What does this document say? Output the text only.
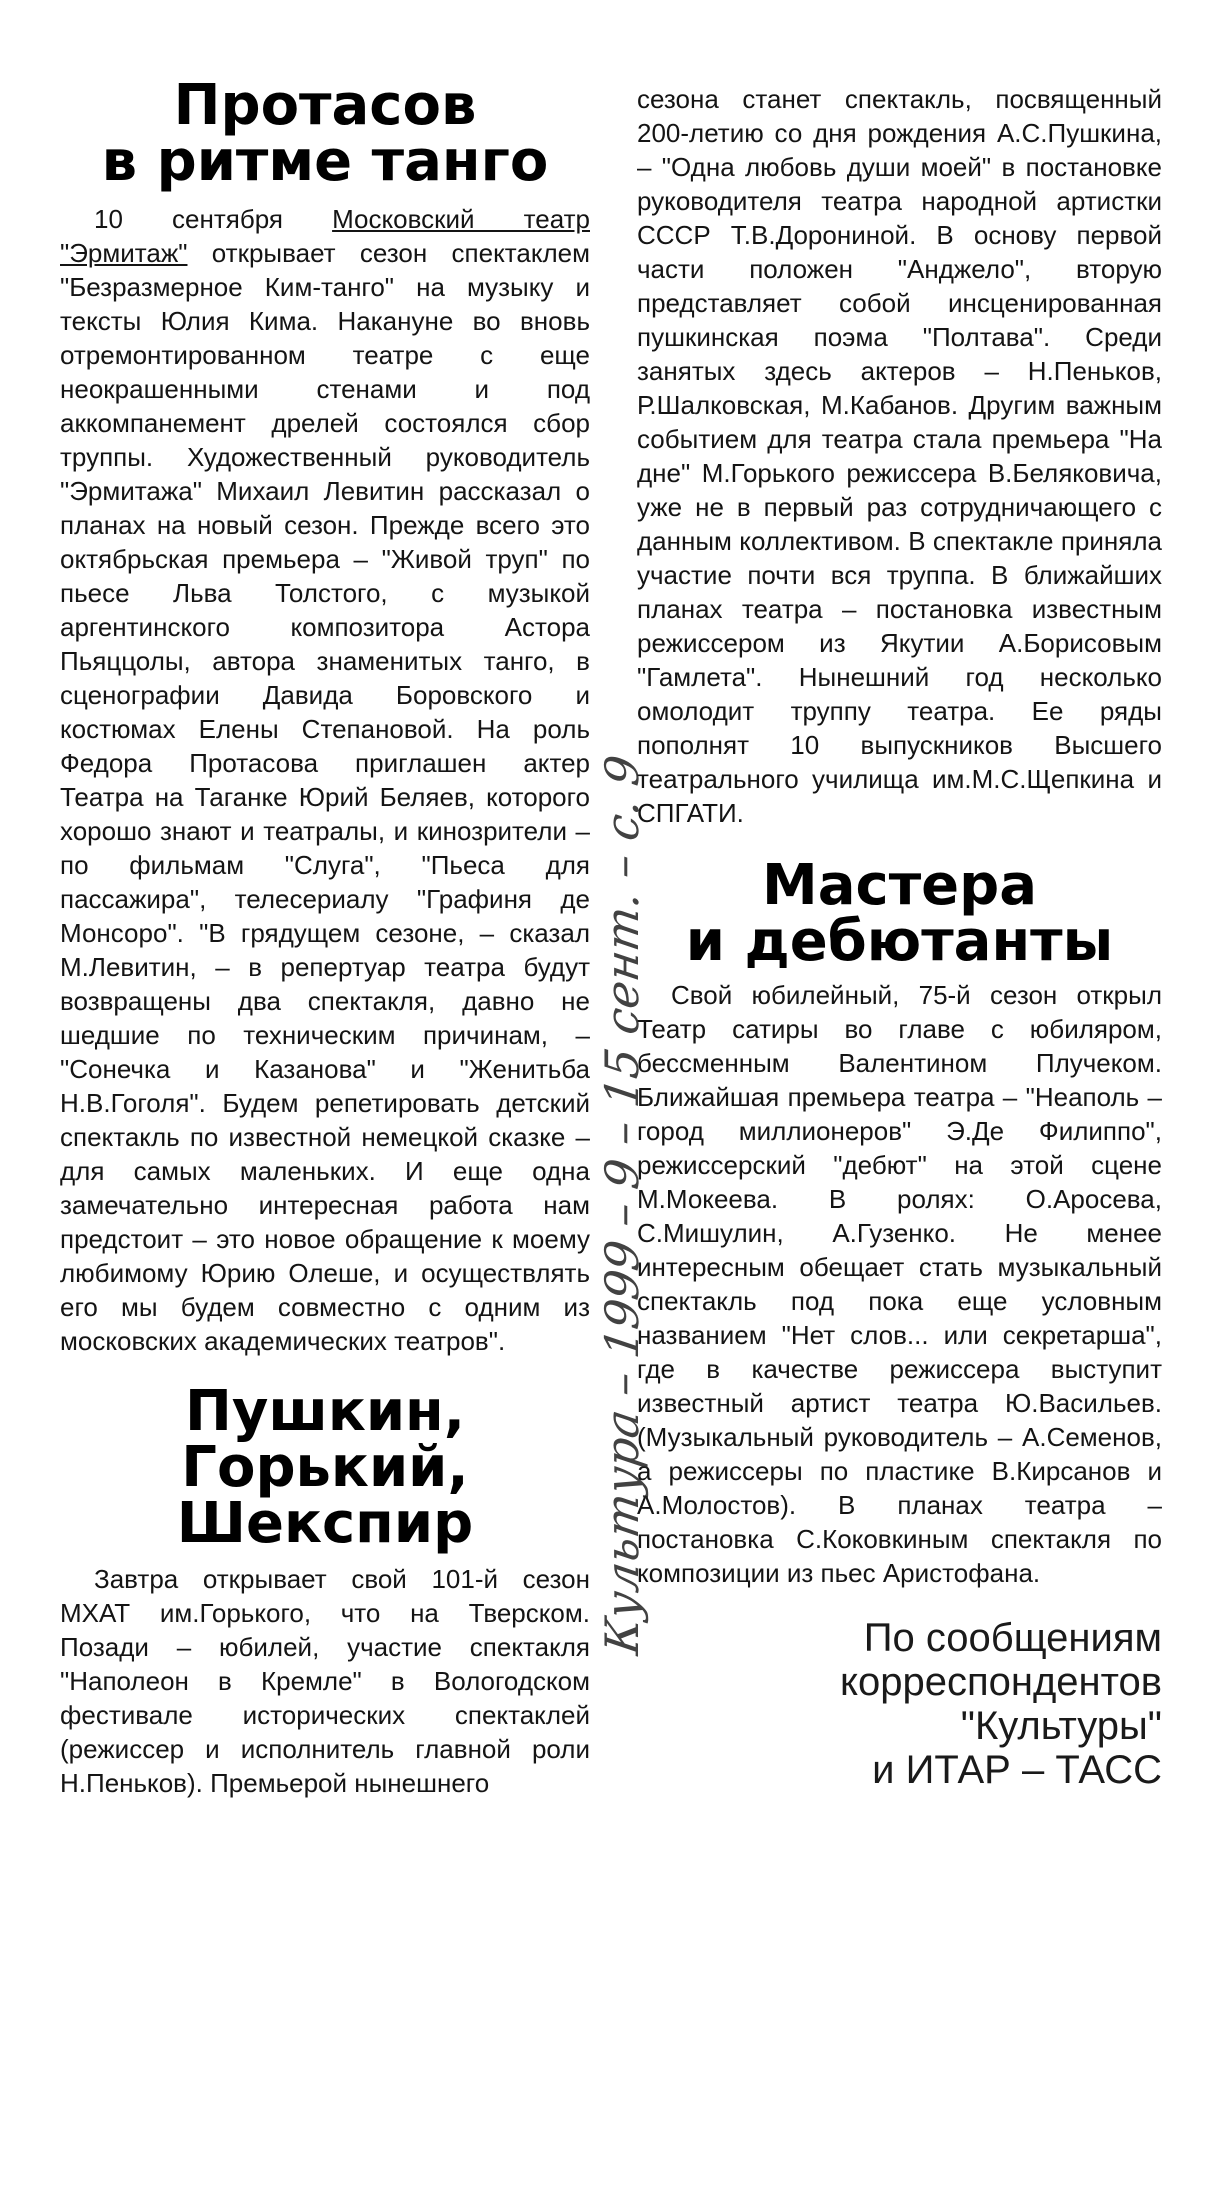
Протасов
в ритме танго

10 сентября Московский театр "Эрмитаж" открывает сезон спектаклем "Безразмерное Ким-танго" на музыку и тексты Юлия Кима. Накануне во вновь отремонтированном театре с еще неокрашенными стенами и под аккомпанемент дрелей состоялся сбор труппы. Художественный руководитель "Эрмитажа" Михаил Левитин рассказал о планах на новый сезон. Прежде всего это октябрьская премьера – "Живой труп" по пьесе Льва Толстого, с музыкой аргентинского композитора Астора Пьяццолы, автора знаменитых танго, в сценографии Давида Боровского и костюмах Елены Степановой. На роль Федора Протасова приглашен актер Театра на Таганке Юрий Беляев, которого хорошо знают и театралы, и кинозрители – по фильмам "Слуга", "Пьеса для пассажира", телесериалу "Графиня де Монсоро". "В грядущем сезоне, – сказал М.Левитин, – в репертуар театра будут возвращены два спектакля, давно не шедшие по техническим причинам, – "Сонечка и Казанова" и "Женитьба Н.В.Гоголя". Будем репетировать детский спектакль по известной немецкой сказке – для самых маленьких. И еще одна замечательно интересная работа нам предстоит – это новое обращение к моему любимому Юрию Олеше, и осуществлять его мы будем совместно с одним из московских академических театров".

Пушкин,
Горький,
Шекспир

Завтра открывает свой 101-й сезон МХАТ им.Горького, что на Тверском. Позади – юбилей, участие спектакля "Наполеон в Кремле" в Вологодском фестивале исторических спектаклей (режиссер и исполнитель главной роли Н.Пеньков). Премьерой нынешнего

сезона станет спектакль, посвященный 200-летию со дня рождения А.С.Пушкина, – "Одна любовь души моей" в постановке руководителя театра народной артистки СССР Т.В.Дорониной. В основу первой части положен "Анджело", вторую представляет собой инсценированная пушкинская поэма "Полтава". Среди занятых здесь актеров – Н.Пеньков, Р.Шалковская, М.Кабанов. Другим важным событием для театра стала премьера "На дне" М.Горького режиссера В.Беляковича, уже не в первый раз сотрудничающего с данным коллективом. В спектакле приняла участие почти вся труппа. В ближайших планах театра – постановка известным режиссером из Якутии А.Борисовым "Гамлета". Нынешний год несколько омолодит труппу театра. Ее ряды пополнят 10 выпускников Высшего театрального училища им.М.С.Щепкина и СПГАТИ.

Мастера
и дебютанты

Свой юбилейный, 75-й сезон открыл Театр сатиры во главе с юбиляром, бессменным Валентином Плучеком. Ближайшая премьера театра – "Неаполь – город миллионеров" Э.Де Филиппо", режиссерский "дебют" на этой сцене М.Мокеева. В ролях: О.Аросева, С.Мишулин, А.Гузенко. Не менее интересным обещает стать музыкальный спектакль под пока еще условным названием "Нет слов... или секретарша", где в качестве режиссера выступит известный артист театра Ю.Васильев. (Музыкальный руководитель – А.Семенов, а режиссеры по пластике В.Кирсанов и А.Молостов). В планах театра – постановка С.Коковкиным спектакля по композиции из пьес Аристофана.

По сообщениям

корреспондентов

"Культуры"

и ИТАР – ТАСС

Культура – 1999 – 9 – 15 сент. – с. 9
